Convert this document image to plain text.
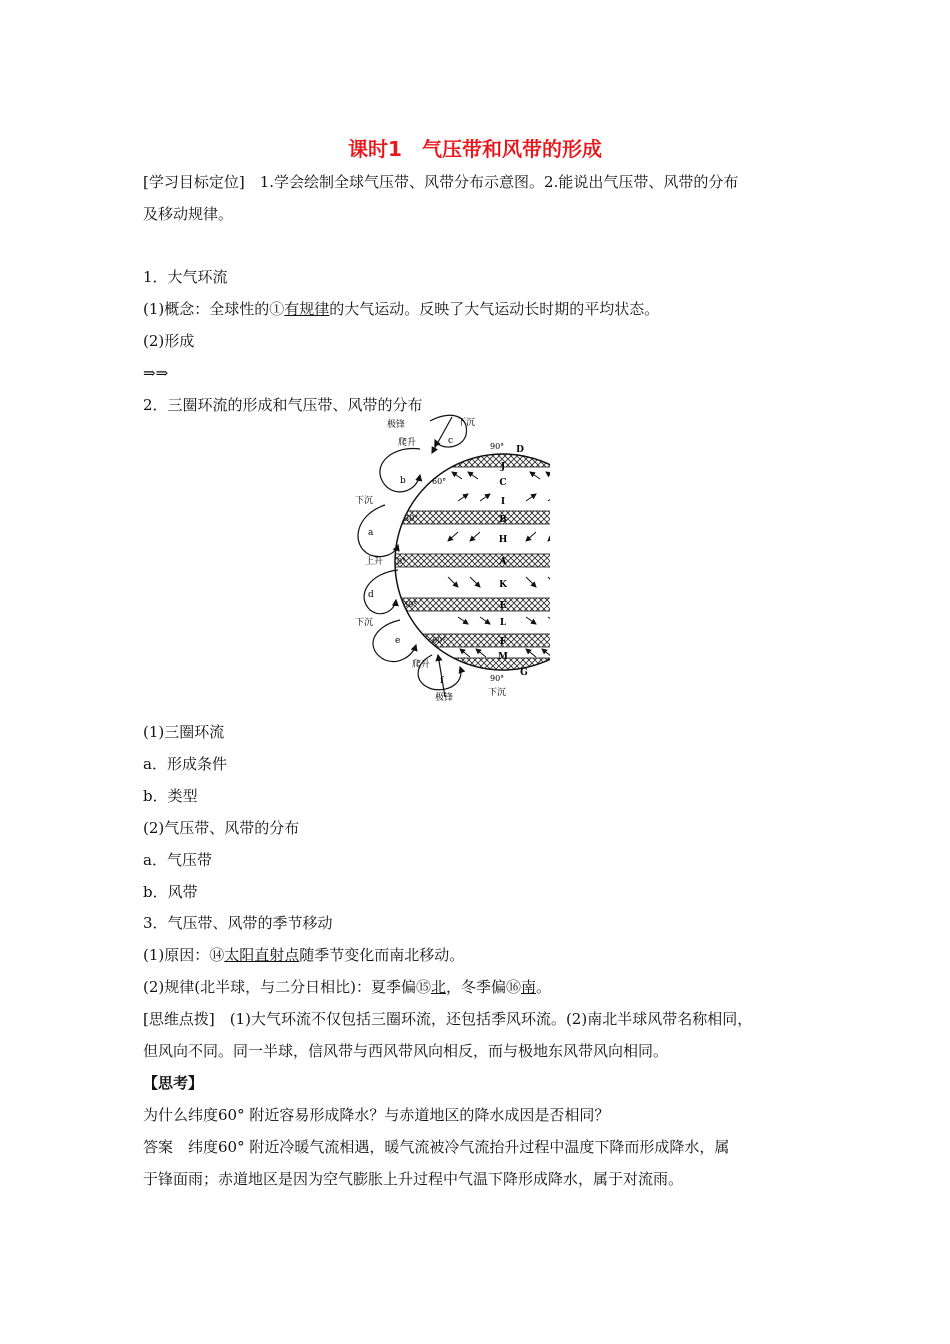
课时1　气压带和风带的形成
[学习目标定位]　 1.学会绘制全球气压带、风带分布示意图。2.能说出气压带、风带的分布
及移动规律。
1．大气环流
(1)概念：全球性的①有规律的大气运动。反映了大气运动长时期的平均状态。
(2)形成
⇒⇒
2．三圈环流的形成和气压带、风带的分布
J
C
I
B
H
A
K
E
L
F
M
D
G
90°
60°
30°
0°
30°
60°
90°
c
b
a
d
e
f
极锋	下沉
爬升
下沉
上升
下沉
爬升
极锋	下沉
(1)三圈环流
a．形成条件
b．类型
(2)气压带、风带的分布
a．气压带
b．风带
3．气压带、风带的季节移动
(1)原因：⑭太阳直射点随季节变化而南北移动。
(2)规律(北半球，与二分日相比)：夏季偏⑮北，冬季偏⑯南。
[思维点拨]　(1)大气环流不仅包括三圈环流，还包括季风环流。(2)南北半球风带名称相同，
但风向不同。同一半球，信风带与西风带风向相反，而与极地东风带风向相同。
【思考】
为什么纬度60° 附近容易形成降水？与赤道地区的降水成因是否相同？
答案　纬度60° 附近冷暖气流相遇，暖气流被冷气流抬升过程中温度下降而形成降水，属
于锋面雨；赤道地区是因为空气膨胀上升过程中气温下降形成降水，属于对流雨。
